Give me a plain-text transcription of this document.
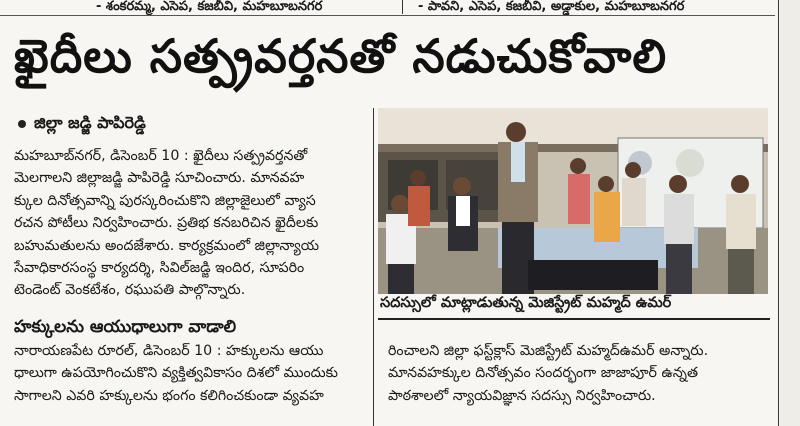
- శంకరమ్మ, ఎసెప, కజబీవి, మహబూబనగర	- పావని, ఎసెప, కజబీవి, అడ్డాకుల, మహబూబనగర
ఖైదీలు సత్ప్రవర్తనతో నడుచుకోవాలి
జిల్లా జడ్జి పాపిరెడ్డి
మహబూబ్‌నగర్, డిసెంబర్ 10 : ఖైదీలు సత్ప్రవర్తనతో
మెలగాలని జిల్లాజడ్జి పాపిరెడ్డి సూచించారు. మానవహ
క్కుల దినోత్సవాన్ని పురస్కరించుకొని జిల్లాజైలులో వ్యాస
రచన పోటీలు నిర్వహించారు. ప్రతిభ కనబరిచిన ఖైదీలకు
బహుమతులను అందజేశారు. కార్యక్రమంలో జిల్లాన్యాయ
సేవాధికారసంస్థ కార్యదర్శి, సివిల్‌జడ్జి ఇందిర, సూపరిం
టెండెంట్ వెంకటేశం, రఘుపతి పాల్గొన్నారు.
సదస్సులో మాట్లాడుతున్న మెజిస్ట్రేట్ మహ్మద్ ఉమర్
హక్కులను ఆయుధాలుగా వాడాలి
నారాయణపేట రూరల్, డిసెంబర్ 10 : హక్కులను ఆయు
ధాలుగా ఉపయోగించుకొని వ్యక్తిత్వవికాసం దిశలో ముందుకు
సాగాలని ఎవరి హక్కులను భంగం కలిగించకుండా వ్యవహ
రించాలని జిల్లా ఫస్ట్‌క్లాస్ మెజిస్ట్రేట్ మహ్మద్‌ఉమర్ అన్నారు.
మానవహక్కుల దినోత్సవం సందర్భంగా జాజాపూర్ ఉన్నత
పాఠశాలలో న్యాయవిజ్ఞాన సదస్సు నిర్వహించారు.
